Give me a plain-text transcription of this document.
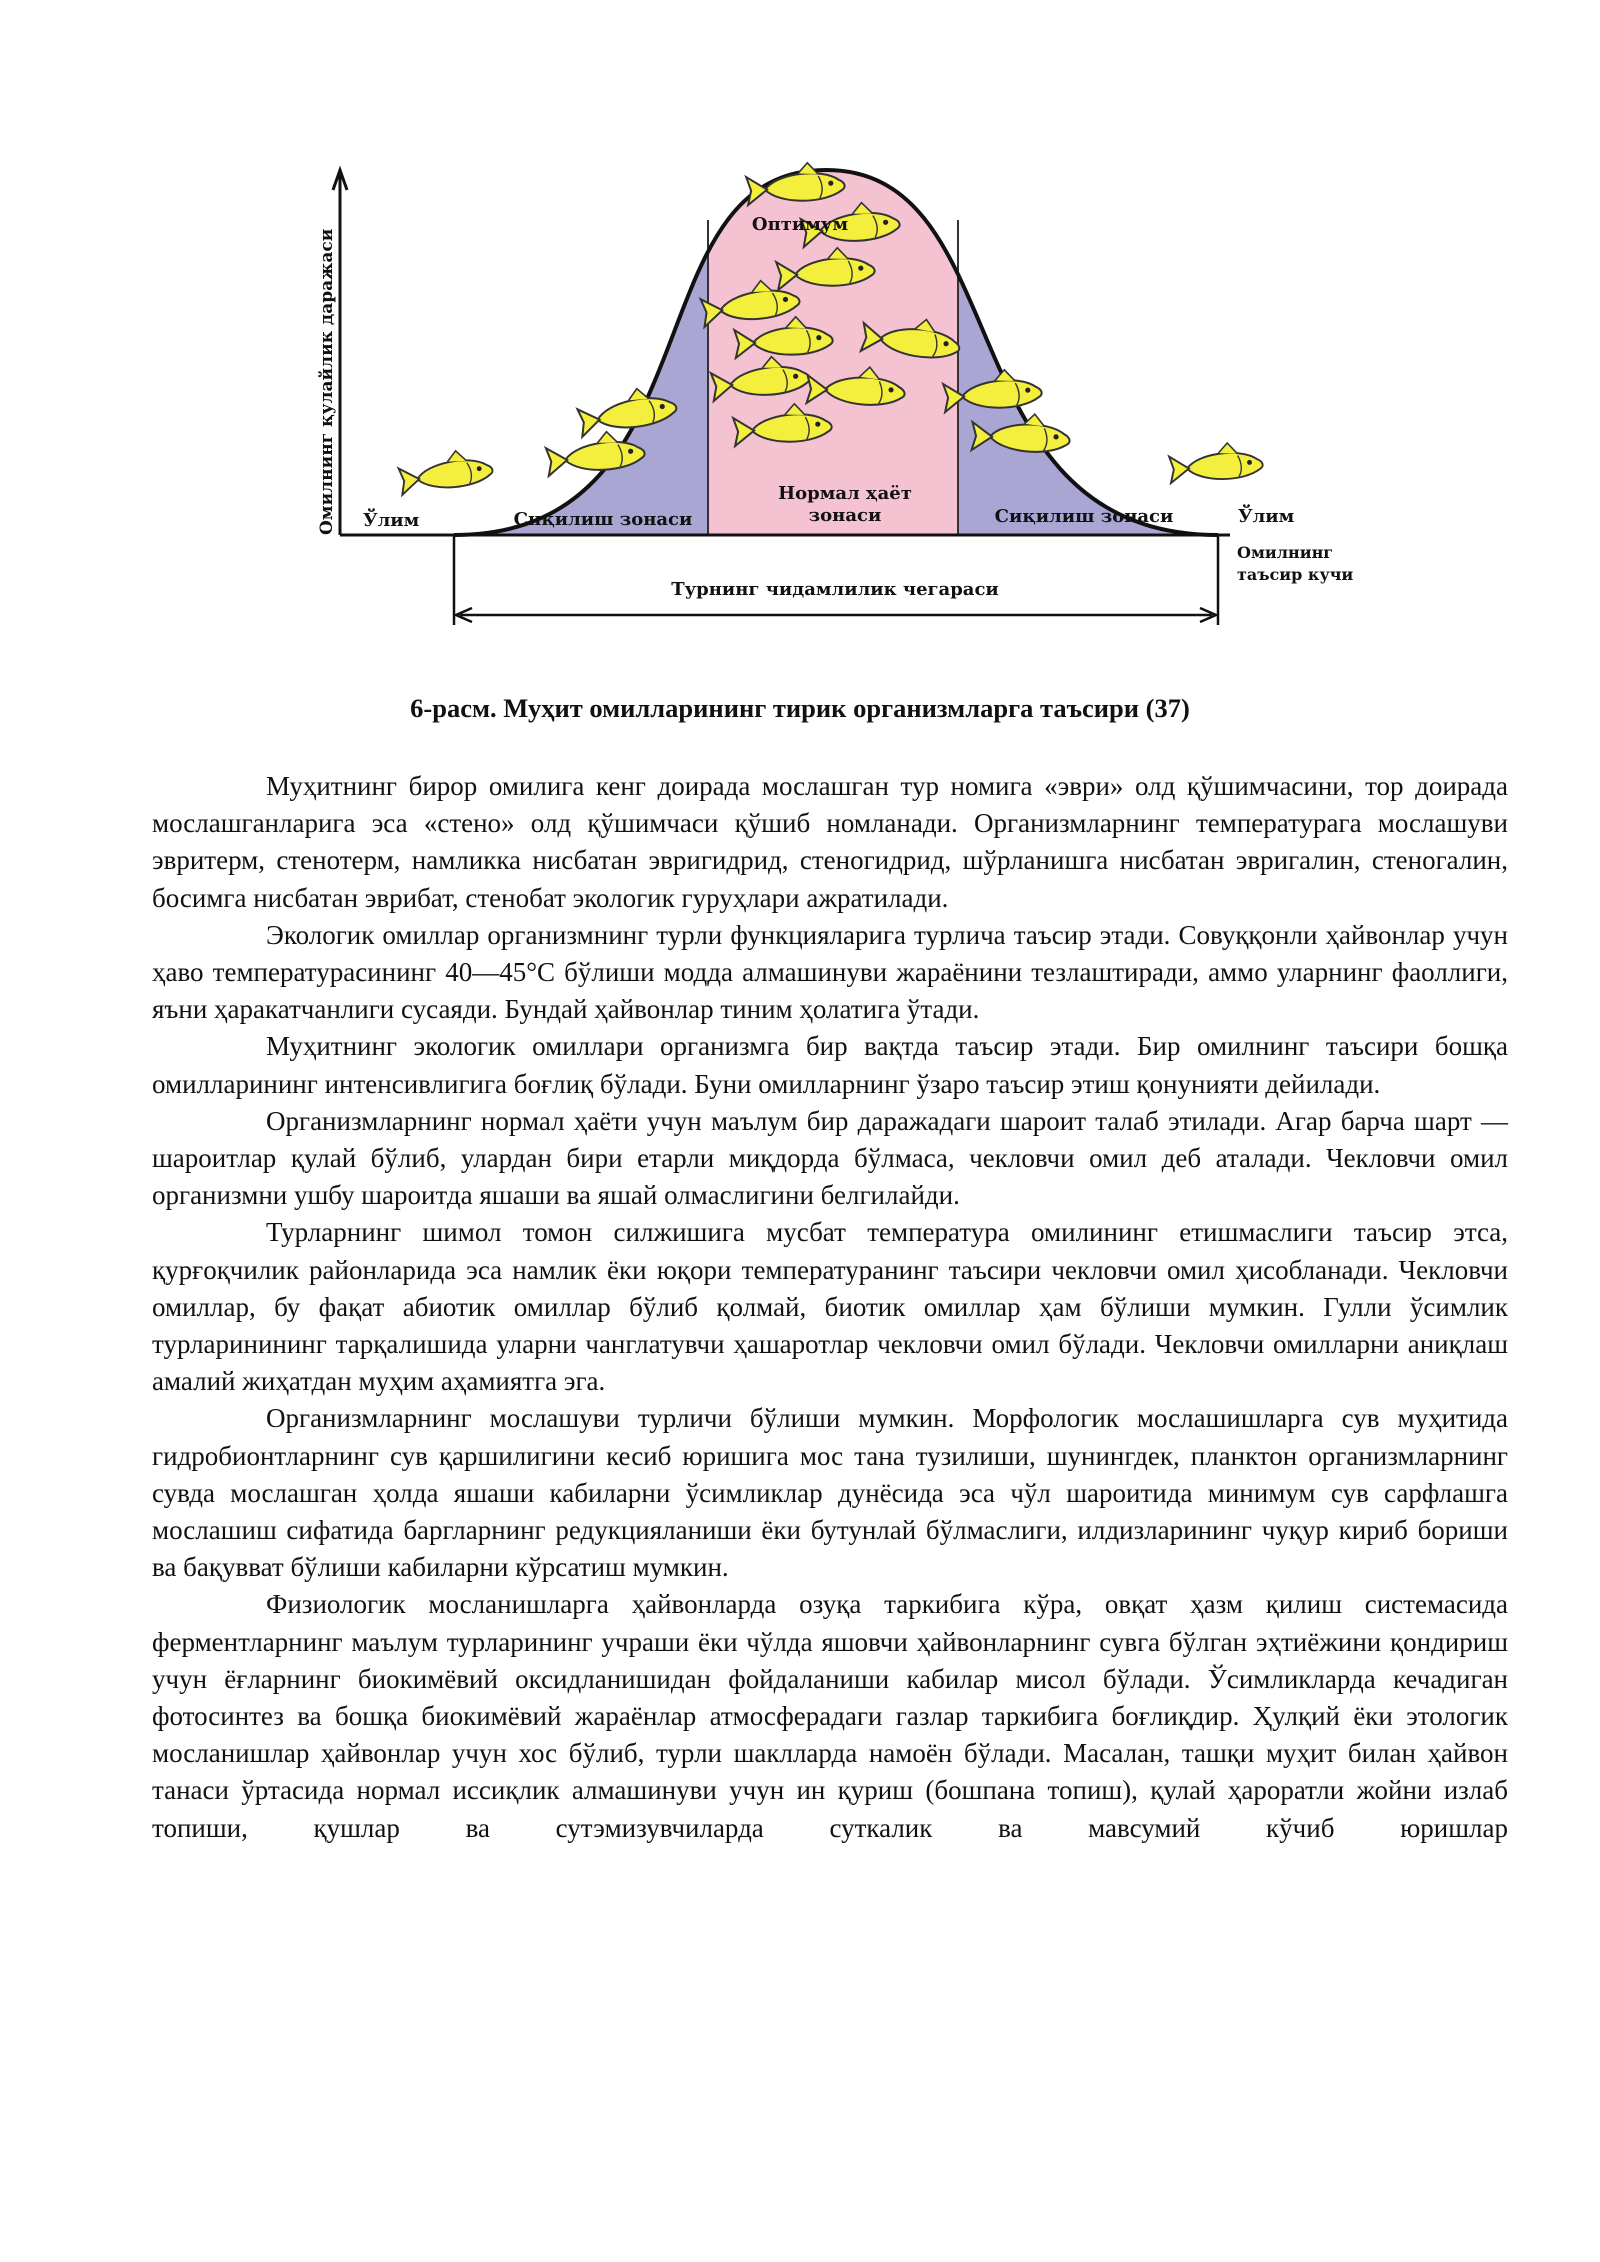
Омилнинг қулайлик даражаси Ўлим	Ўлим
Оптимум
Нормал ҳаёт
зонаси
Сиқилиш зонаси	Сиқилиш зонаси
Омилнинг
таъсир кучи
Турнинг чидамлилик чегараси
6-расм. Муҳит омилларининг тирик организмларга таъсири (37)

Муҳитнинг бирор омилига кенг доирада мослашган тур номига «эври» олд қўшимчасини, тор доирада мослашганларига эса «стено» олд қўшимчаси қўшиб номланади. Организмларнинг температурага мослашуви эвритерм, стенотерм, намликка нисбатан эвригидрид, стеногидрид, шўрланишга нисбатан эвригалин, стеногалин, босимга нисбатан эврибат, стенобат экологик гуруҳлари ажратилади.

Экологик омиллар организмнинг турли функцияларига турлича таъсир этади. Совуққонли ҳайвонлар учун ҳаво температурасининг 40—45°С бўлиши модда алмашинуви жараёнини тезлаштиради, аммо уларнинг фаоллиги, яъни ҳаракатчанлиги сусаяди. Бундай ҳайвонлар тиним ҳолатига ўтади.

Муҳитнинг экологик омиллари организмга бир вақтда таъсир этади. Бир омилнинг таъсири бошқа омилларининг интенсивлигига боғлиқ бўлади. Буни омилларнинг ўзаро таъсир этиш қонунияти дейилади.

Организмларнинг нормал ҳаёти учун маълум бир даражадаги шароит талаб этилади. Агар барча шарт — шароитлар қулай бўлиб, улардан бири етарли миқдорда бўлмаса, чекловчи омил деб аталади. Чекловчи омил организмни ушбу шароитда яшаши ва яшай олмаслигини белгилайди.

Турларнинг шимол томон силжишига мусбат температура омилининг етишмаслиги таъсир этса, қурғоқчилик районларида эса намлик ёки юқори температуранинг таъсири чекловчи омил ҳисобланади. Чекловчи омиллар, бу фақат абиотик омиллар бўлиб қолмай, биотик омиллар ҳам бўлиши мумкин. Гулли ўсимлик турларинининг тарқалишида уларни чанглатувчи ҳашаротлар чекловчи омил бўлади. Чекловчи омилларни аниқлаш амалий жиҳатдан муҳим аҳамиятга эга.

Организмларнинг мослашуви турличи бўлиши мумкин. Морфологик мослашишларга сув муҳитида гидробионтларнинг сув қаршилигини кесиб юришига мос тана тузилиши, шунингдек, планктон организмларнинг сувда мослашган ҳолда яшаши кабиларни ўсимликлар дунёсида эса чўл шароитида минимум сув сарфлашга мослашиш сифатида баргларнинг редукцияланиши ёки бутунлай бўлмаслиги, илдизларининг чуқур кириб бориши ва бақувват бўлиши кабиларни кўрсатиш мумкин.

Физиологик мосланишларга ҳайвонларда озуқа таркибига кўра, овқат ҳазм қилиш системасида ферментларнинг маълум турларининг учраши ёки чўлда яшовчи ҳайвонларнинг сувга бўлган эҳтиёжини қондириш учун ёғларнинг биокимёвий оксидланишидан фойдаланиши кабилар мисол бўлади. Ўсимликларда кечадиган фотосинтез ва бошқа биокимёвий жараёнлар атмосферадаги газлар таркибига боғлиқдир. Ҳулқий ёки этологик мосланишлар ҳайвонлар учун хос бўлиб, турли шаклларда намоён бўлади. Масалан, ташқи муҳит билан ҳайвон танаси ўртасида нормал иссиқлик алмашинуви учун ин қуриш (бошпана топиш), қулай ҳароратли жойни излаб топиши, қушлар ва сутэмизувчиларда суткалик ва мавсумий кўчиб юришлар
